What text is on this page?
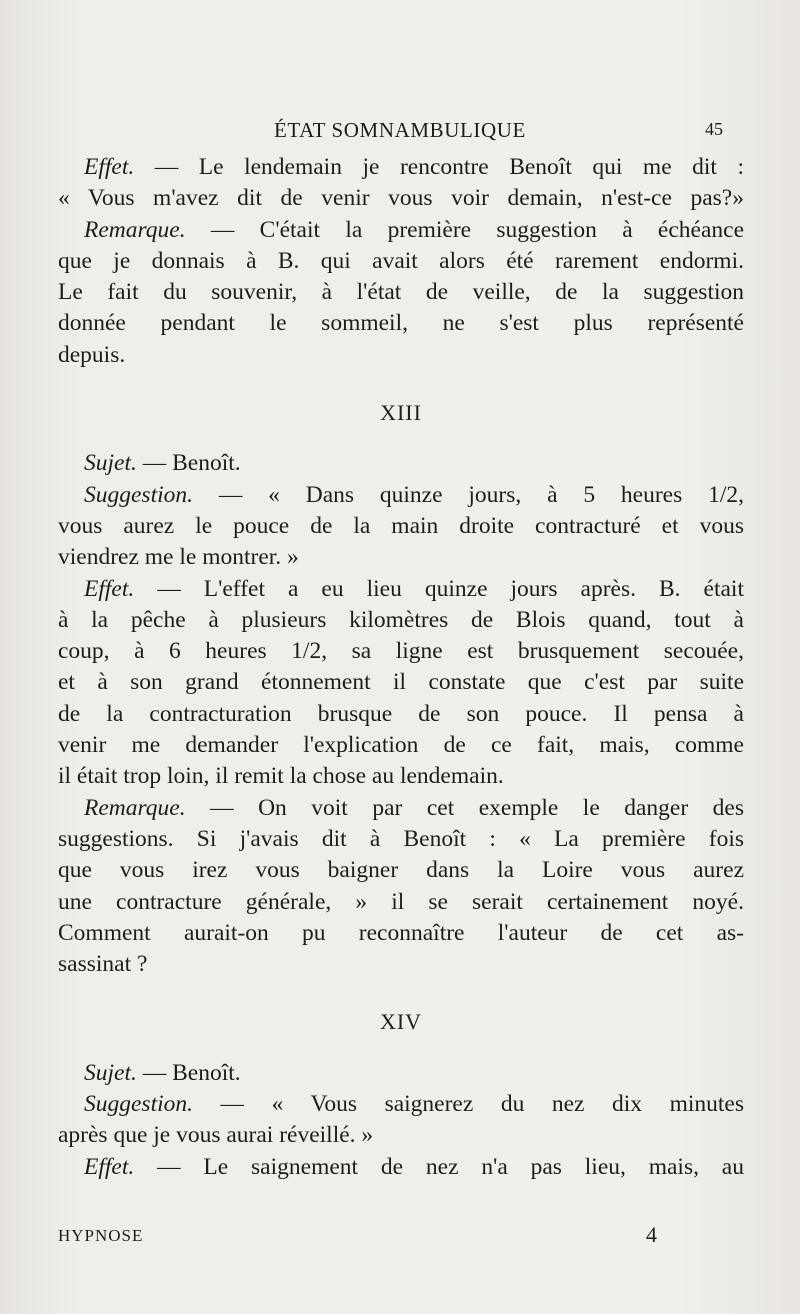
ÉTAT SOMNAMBULIQUE	45
Effet. — Le lendemain je rencontre Benoît qui me dit :
« Vous m'avez dit de venir vous voir demain, n'est-ce pas?»
Remarque. — C'était la première suggestion à échéance
que je donnais à B. qui avait alors été rarement endormi.
Le fait du souvenir, à l'état de veille, de la suggestion
donnée pendant le sommeil, ne s'est plus représenté
depuis.
XIII
Sujet. — Benoît.
Suggestion. — « Dans quinze jours, à 5 heures 1/2,
vous aurez le pouce de la main droite contracturé et vous
viendrez me le montrer. »
Effet. — L'effet a eu lieu quinze jours après. B. était
à la pêche à plusieurs kilomètres de Blois quand, tout à
coup, à 6 heures 1/2, sa ligne est brusquement secouée,
et à son grand étonnement il constate que c'est par suite
de la contracturation brusque de son pouce. Il pensa à
venir me demander l'explication de ce fait, mais, comme
il était trop loin, il remit la chose au lendemain.
Remarque. — On voit par cet exemple le danger des
suggestions. Si j'avais dit à Benoît : « La première fois
que vous irez vous baigner dans la Loire vous aurez
une contracture générale, » il se serait certainement noyé.
Comment aurait-on pu reconnaître l'auteur de cet as-
sassinat ?
XIV
Sujet. — Benoît.
Suggestion. — « Vous saignerez du nez dix minutes
après que je vous aurai réveillé. »
Effet. — Le saignement de nez n'a pas lieu, mais, au
HYPNOSE	4
